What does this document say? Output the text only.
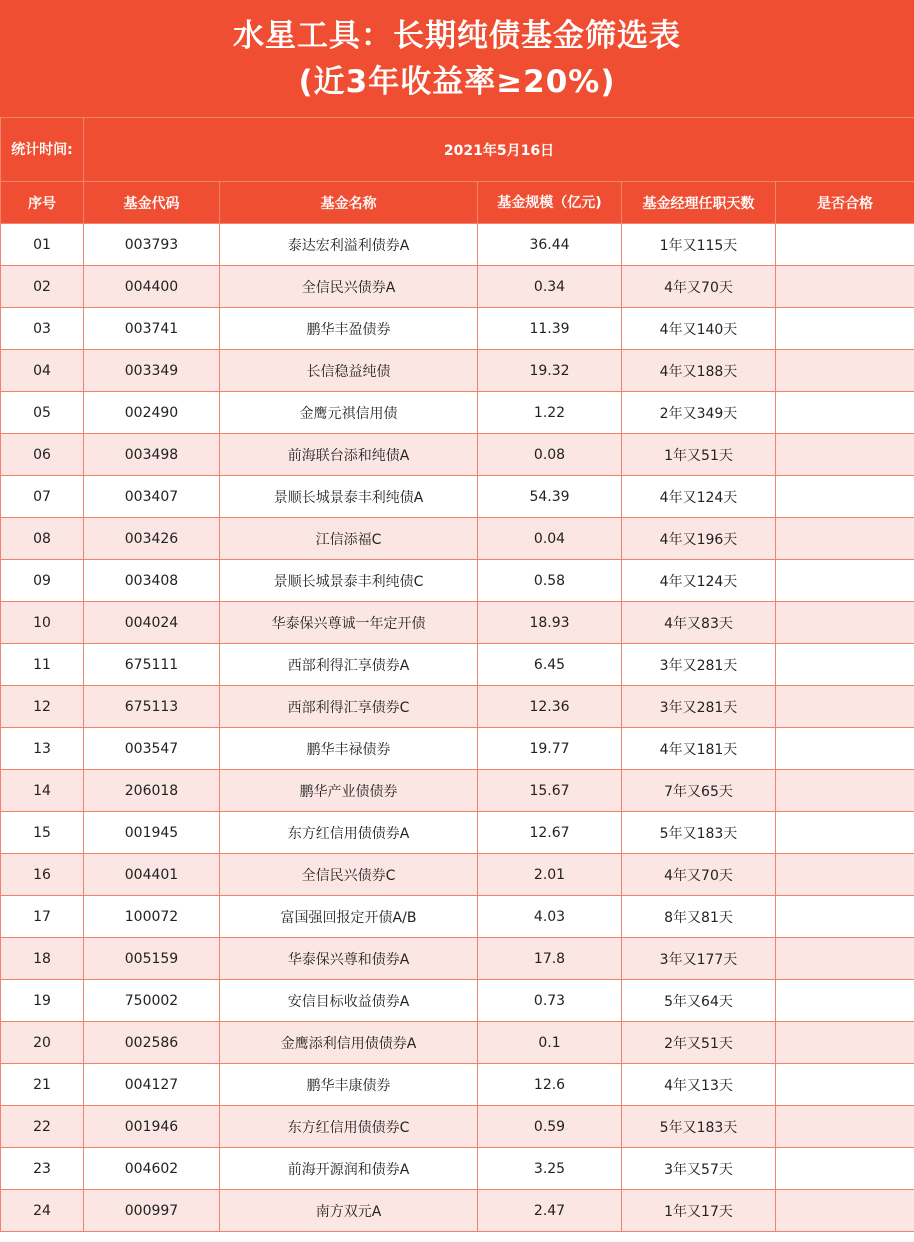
水星工具：长期纯债基金筛选表
(近3年收益率≥20%)
统计时间:	2021年5月16日				
序号	基金代码	基金名称	基金规模（亿元)	基金经理任职天数	是否合格
01	003793	泰达宏利溢利债券A	36.44	1年又115天	
02	004400	全信民兴债券A	0.34	4年又70天	
03	003741	鹏华丰盈债券	11.39	4年又140天	
04	003349	长信稳益纯债	19.32	4年又188天	
05	002490	金鹰元祺信用债	1.22	2年又349天	
06	003498	前海联台添和纯债A	0.08	1年又51天	
07	003407	景顺长城景泰丰利纯债A	54.39	4年又124天	
08	003426	江信添福C	0.04	4年又196天	
09	003408	景顺长城景泰丰利纯债C	0.58	4年又124天	
10	004024	华泰保兴尊诚一年定开债	18.93	4年又83天	
11	675111	西部利得汇享债券A	6.45	3年又281天	
12	675113	西部利得汇享债券C	12.36	3年又281天	
13	003547	鹏华丰禄债券	19.77	4年又181天	
14	206018	鹏华产业债债券	15.67	7年又65天	
15	001945	东方红信用债债券A	12.67	5年又183天	
16	004401	全信民兴债券C	2.01	4年又70天	
17	100072	富国强回报定开债A/B	4.03	8年又81天	
18	005159	华泰保兴尊和债券A	17.8	3年又177天	
19	750002	安信目标收益债券A	0.73	5年又64天	
20	002586	金鹰添利信用债债券A	0.1	2年又51天	
21	004127	鹏华丰康债券	12.6	4年又13天	
22	001946	东方红信用债债券C	0.59	5年又183天	
23	004602	前海开源润和债券A	3.25	3年又57天	
24	000997	南方双元A	2.47	1年又17天	
